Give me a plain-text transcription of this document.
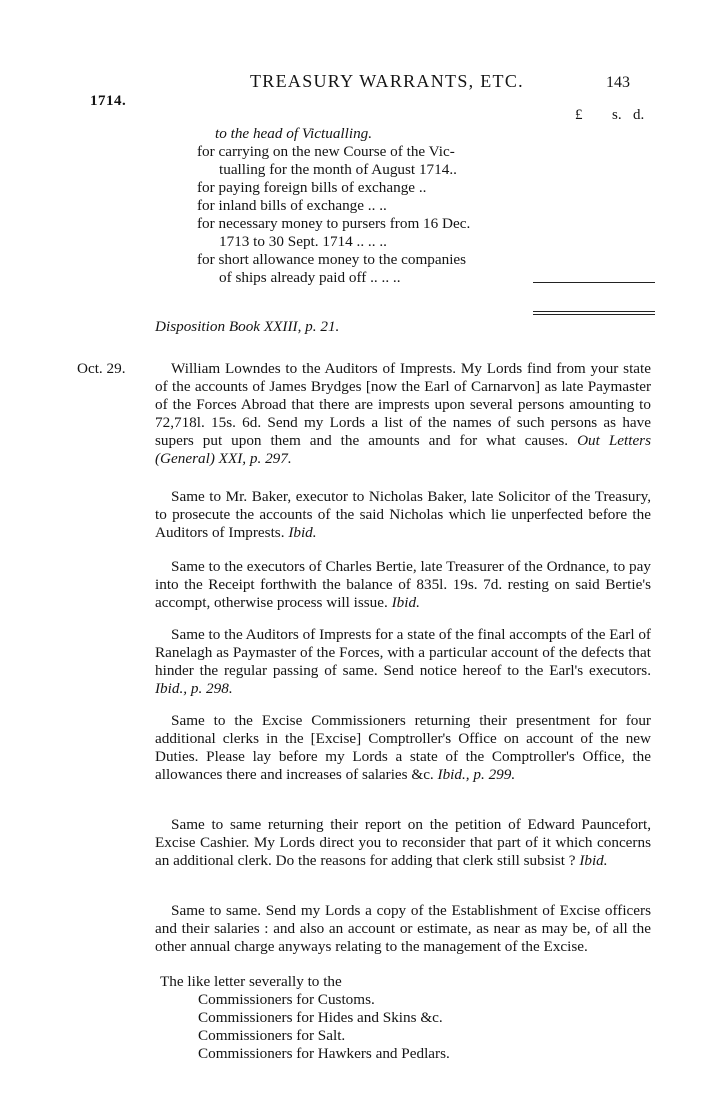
1714.
TREASURY WARRANTS, ETC.	143
£ s. d.
to the head of Victualling.
for carrying on the new Course of the Vic-
tualling for the month of August 1714..
for paying foreign bills of exchange ..
for inland bills of exchange .. ..
for necessary money to pursers from 16 Dec.
1713 to 30 Sept. 1714 .. .. ..
for short allowance money to the companies
of ships already paid off .. .. ..
Disposition Book XXIII, p. 21.
Oct. 29.	William Lowndes to the Auditors of Imprests. My Lords find from your state of the accounts of James Brydges [now the Earl of Carnarvon] as late Paymaster of the Forces Abroad that there are imprests upon several persons amounting to 72,718l. 15s. 6d. Send my Lords a list of the names of such persons as have supers put upon them and the amounts and for what causes. Out Letters (General) XXI, p. 297.
Same to Mr. Baker, executor to Nicholas Baker, late Solicitor of the Treasury, to prosecute the accounts of the said Nicholas which lie unperfected before the Auditors of Imprests. Ibid.
Same to the executors of Charles Bertie, late Treasurer of the Ordnance, to pay into the Receipt forthwith the balance of 835l. 19s. 7d. resting on said Bertie's accompt, otherwise process will issue. Ibid.
Same to the Auditors of Imprests for a state of the final accompts of the Earl of Ranelagh as Paymaster of the Forces, with a particular account of the defects that hinder the regular passing of same. Send notice hereof to the Earl's executors. Ibid., p. 298.
Same to the Excise Commissioners returning their presentment for four additional clerks in the [Excise] Comptroller's Office on account of the new Duties. Please lay before my Lords a state of the Comptroller's Office, the allowances there and increases of salaries &c. Ibid., p. 299.
Same to same returning their report on the petition of Edward Pauncefort, Excise Cashier. My Lords direct you to reconsider that part of it which concerns an additional clerk. Do the reasons for adding that clerk still subsist ? Ibid.
Same to same. Send my Lords a copy of the Establishment of Excise officers and their salaries : and also an account or estimate, as near as may be, of all the other annual charge anyways relating to the management of the Excise.
The like letter severally to the
Commissioners for Customs.
Commissioners for Hides and Skins &c.
Commissioners for Salt.
Commissioners for Hawkers and Pedlars.
